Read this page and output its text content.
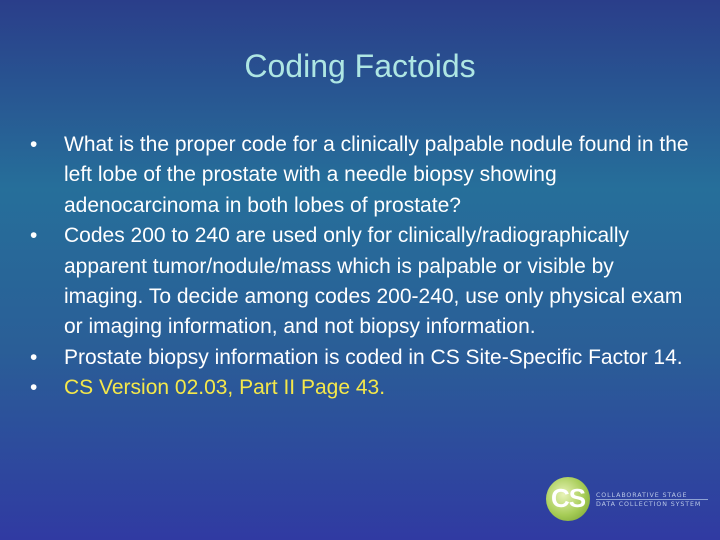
Coding Factoids
• What is the proper code for a clinically palpable nodule found in the left lobe of the prostate with a needle biopsy showing adenocarcinoma in both lobes of prostate?
• Codes 200 to 240 are used only for clinically/radiographically apparent tumor/nodule/mass which is palpable or visible by imaging. To decide among codes 200-240, use only physical exam or imaging information, and not biopsy information.
• Prostate biopsy information is coded in CS Site-Specific Factor 14.
• CS Version 02.03, Part II Page 43.
CS	COLLABORATIVE STAGE
DATA COLLECTION SYSTEM
